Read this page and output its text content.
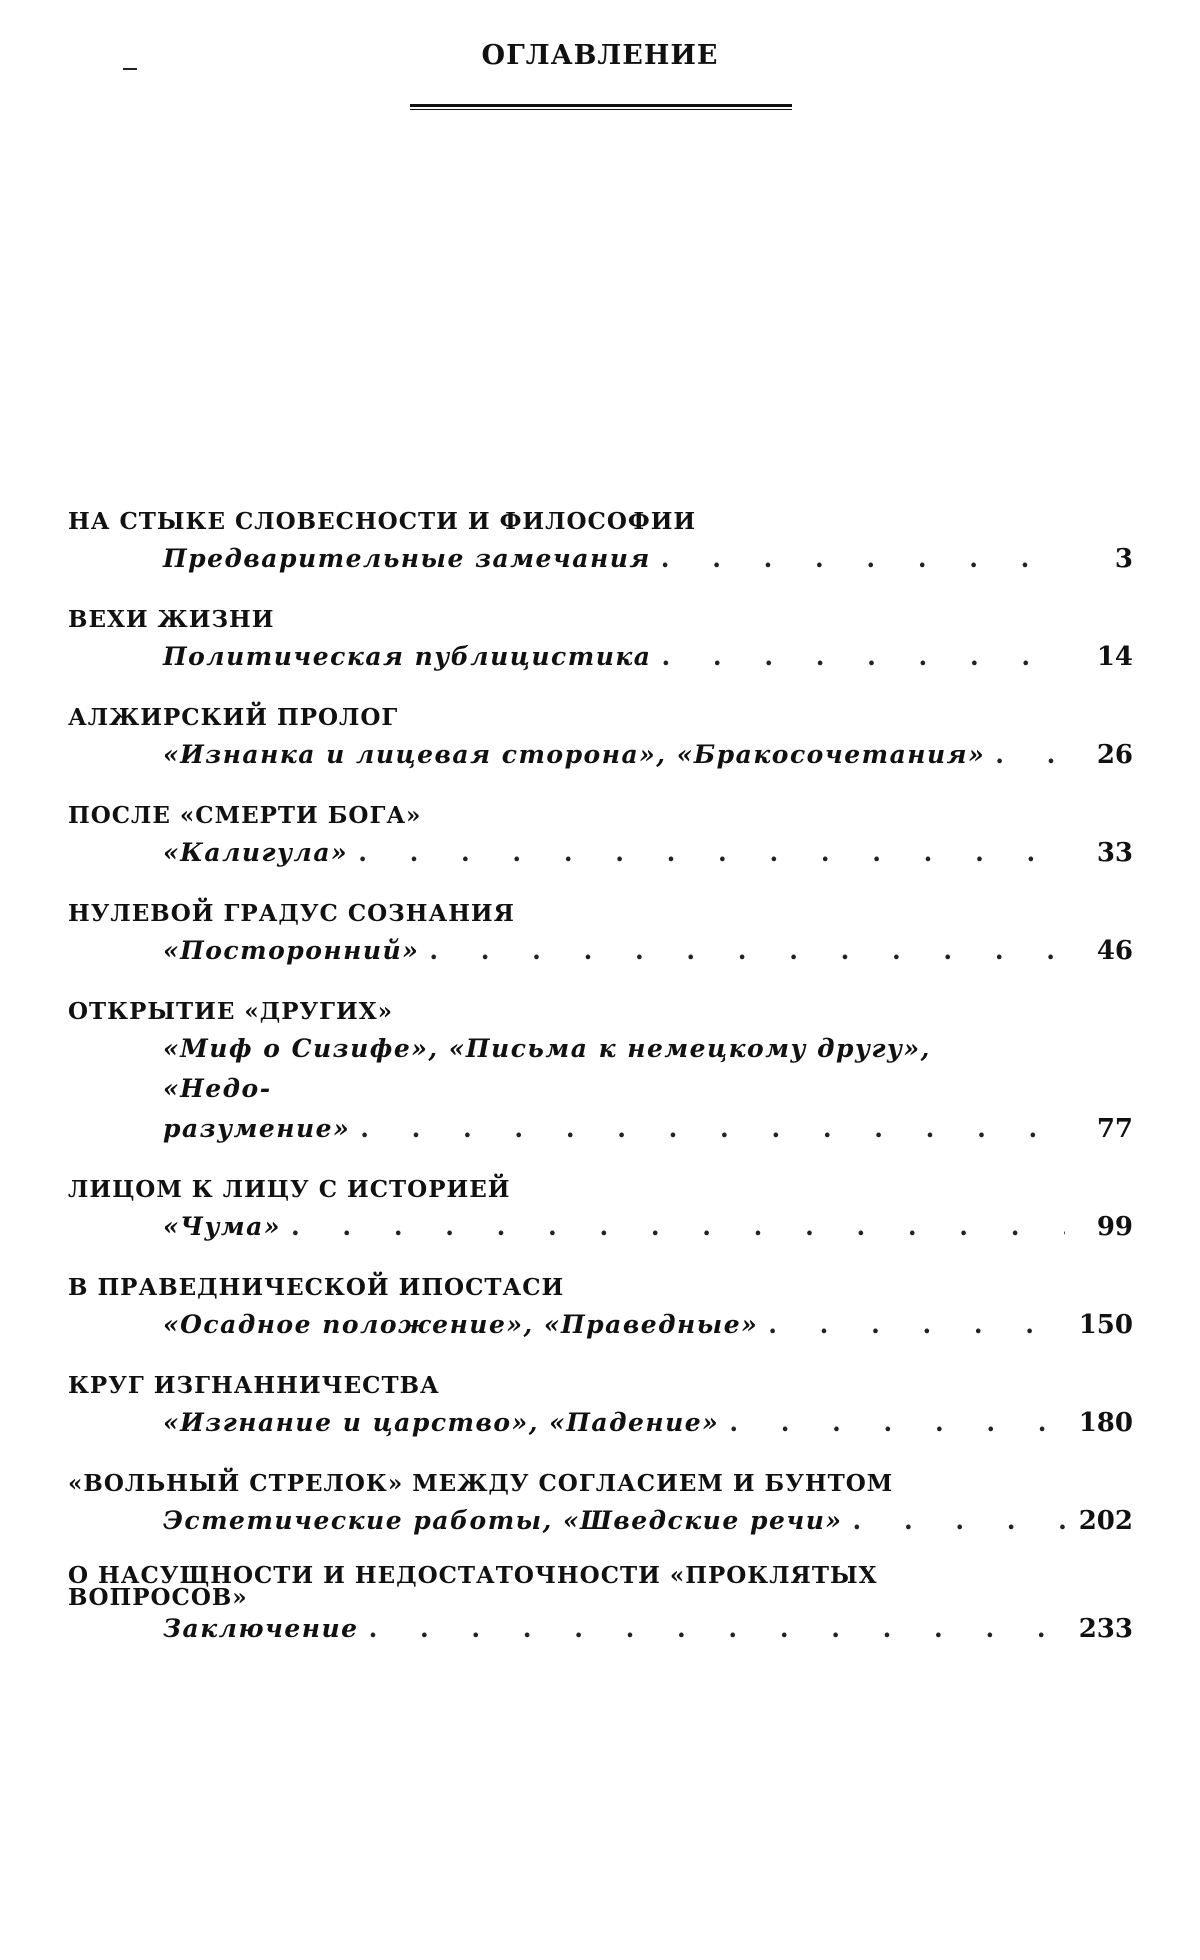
ОГЛАВЛЕНИЕ
НА СТЫКЕ СЛОВЕСНОСТИ И ФИЛОСОФИИ
Предварительные замечания . . .	3
ВЕХИ ЖИЗНИ
Политическая публицистика . . .	14
АЛЖИРСКИЙ ПРОЛОГ
«Изнанка и лицевая сторона», «Бракосочетания» . . .	26
ПОСЛЕ «СМЕРТИ БОГА»
«Калигула» . . .	33
НУЛЕВОЙ ГРАДУС СОЗНАНИЯ
«Посторонний» . . .	46
ОТКРЫТИЕ «ДРУГИХ»
«Миф о Сизифе», «Письма к немецкому другу», «Недо-
разумение» . . .	77
ЛИЦОМ К ЛИЦУ С ИСТОРИЕЙ
«Чума» . . .	99
В ПРАВЕДНИЧЕСКОЙ ИПОСТАСИ
«Осадное положение», «Праведные» . . .	150
КРУГ ИЗГНАННИЧЕСТВА
«Изгнание и царство», «Падение» . . .	180
«ВОЛЬНЫЙ СТРЕЛОК» МЕЖДУ СОГЛАСИЕМ И БУНТОМ
Эстетические работы, «Шведские речи» . . .	202
О НАСУЩНОСТИ И НЕДОСТАТОЧНОСТИ «ПРОКЛЯТЫХ
ВОПРОСОВ»
Заключение . . .	233
